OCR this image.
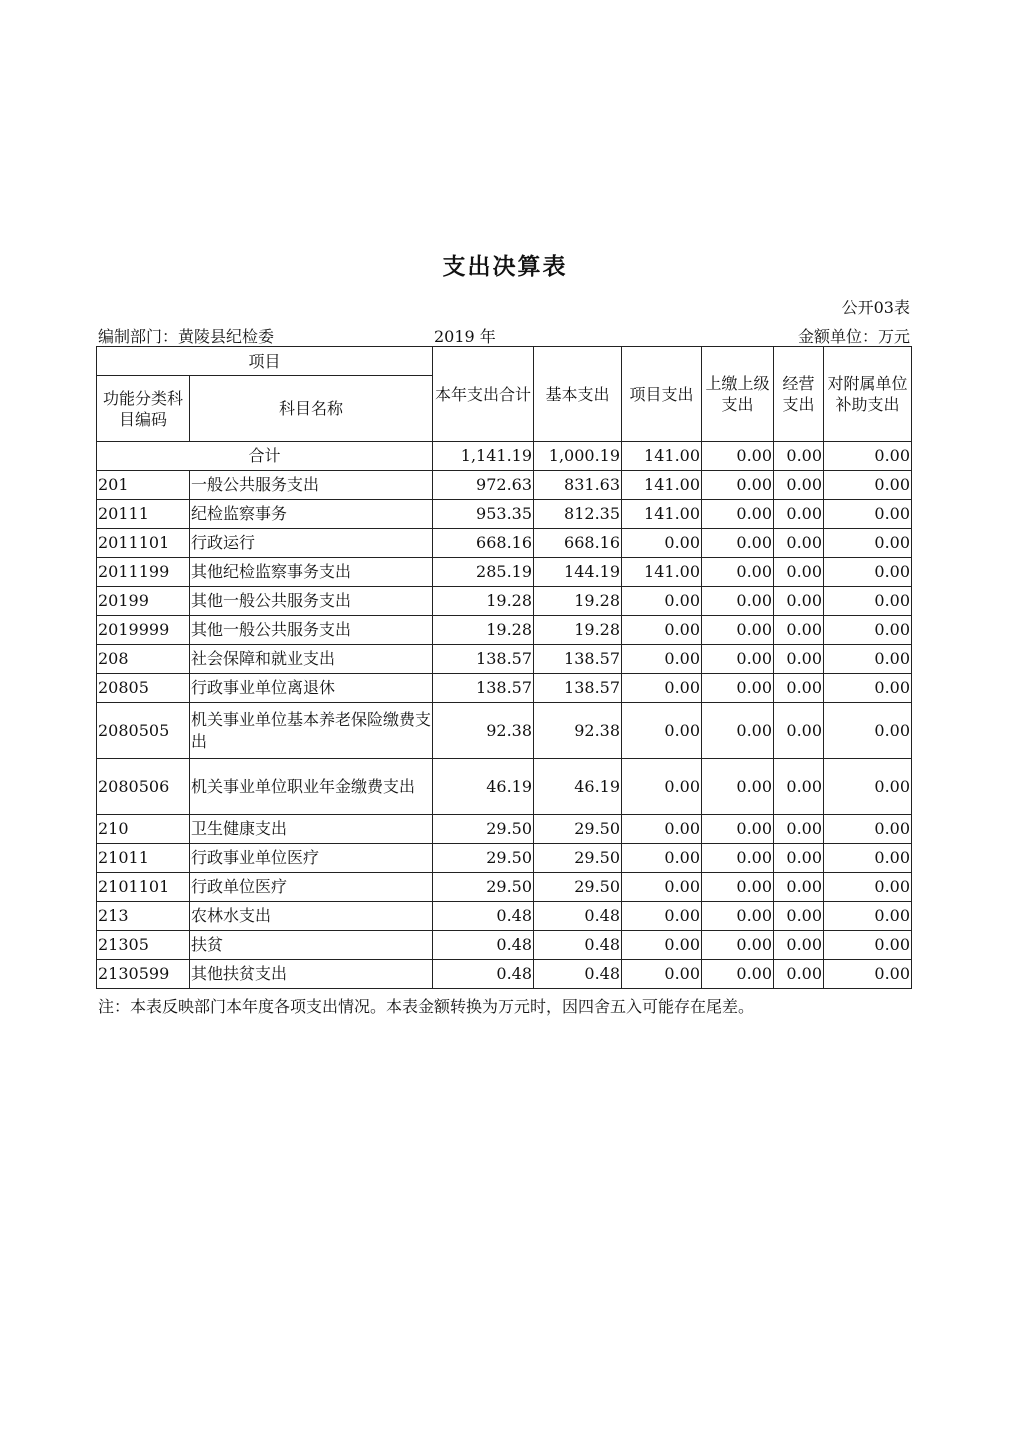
支出决算表
公开03表
编制部门：黄陵县纪检委	2019 年	金额单位：万元
项目		本年支出合计	基本支出	项目支出	上缴上级支出	经营支出	对附属单位补助支出
功能分类科目编码	科目名称						
合计		1,141.19	1,000.19	141.00	0.00	0.00	0.00
201	一般公共服务支出	972.63	831.63	141.00	0.00	0.00	0.00
20111	纪检监察事务	953.35	812.35	141.00	0.00	0.00	0.00
2011101	行政运行	668.16	668.16	0.00	0.00	0.00	0.00
2011199	其他纪检监察事务支出	285.19	144.19	141.00	0.00	0.00	0.00
20199	其他一般公共服务支出	19.28	19.28	0.00	0.00	0.00	0.00
2019999	其他一般公共服务支出	19.28	19.28	0.00	0.00	0.00	0.00
208	社会保障和就业支出	138.57	138.57	0.00	0.00	0.00	0.00
20805	行政事业单位离退休	138.57	138.57	0.00	0.00	0.00	0.00
2080505	机关事业单位基本养老保险缴费支出	92.38	92.38	0.00	0.00	0.00	0.00
2080506	机关事业单位职业年金缴费支出	46.19	46.19	0.00	0.00	0.00	0.00
210	卫生健康支出	29.50	29.50	0.00	0.00	0.00	0.00
21011	行政事业单位医疗	29.50	29.50	0.00	0.00	0.00	0.00
2101101	行政单位医疗	29.50	29.50	0.00	0.00	0.00	0.00
213	农林水支出	0.48	0.48	0.00	0.00	0.00	0.00
21305	扶贫	0.48	0.48	0.00	0.00	0.00	0.00
2130599	其他扶贫支出	0.48	0.48	0.00	0.00	0.00	0.00
注：本表反映部门本年度各项支出情况。本表金额转换为万元时，因四舍五入可能存在尾差。
